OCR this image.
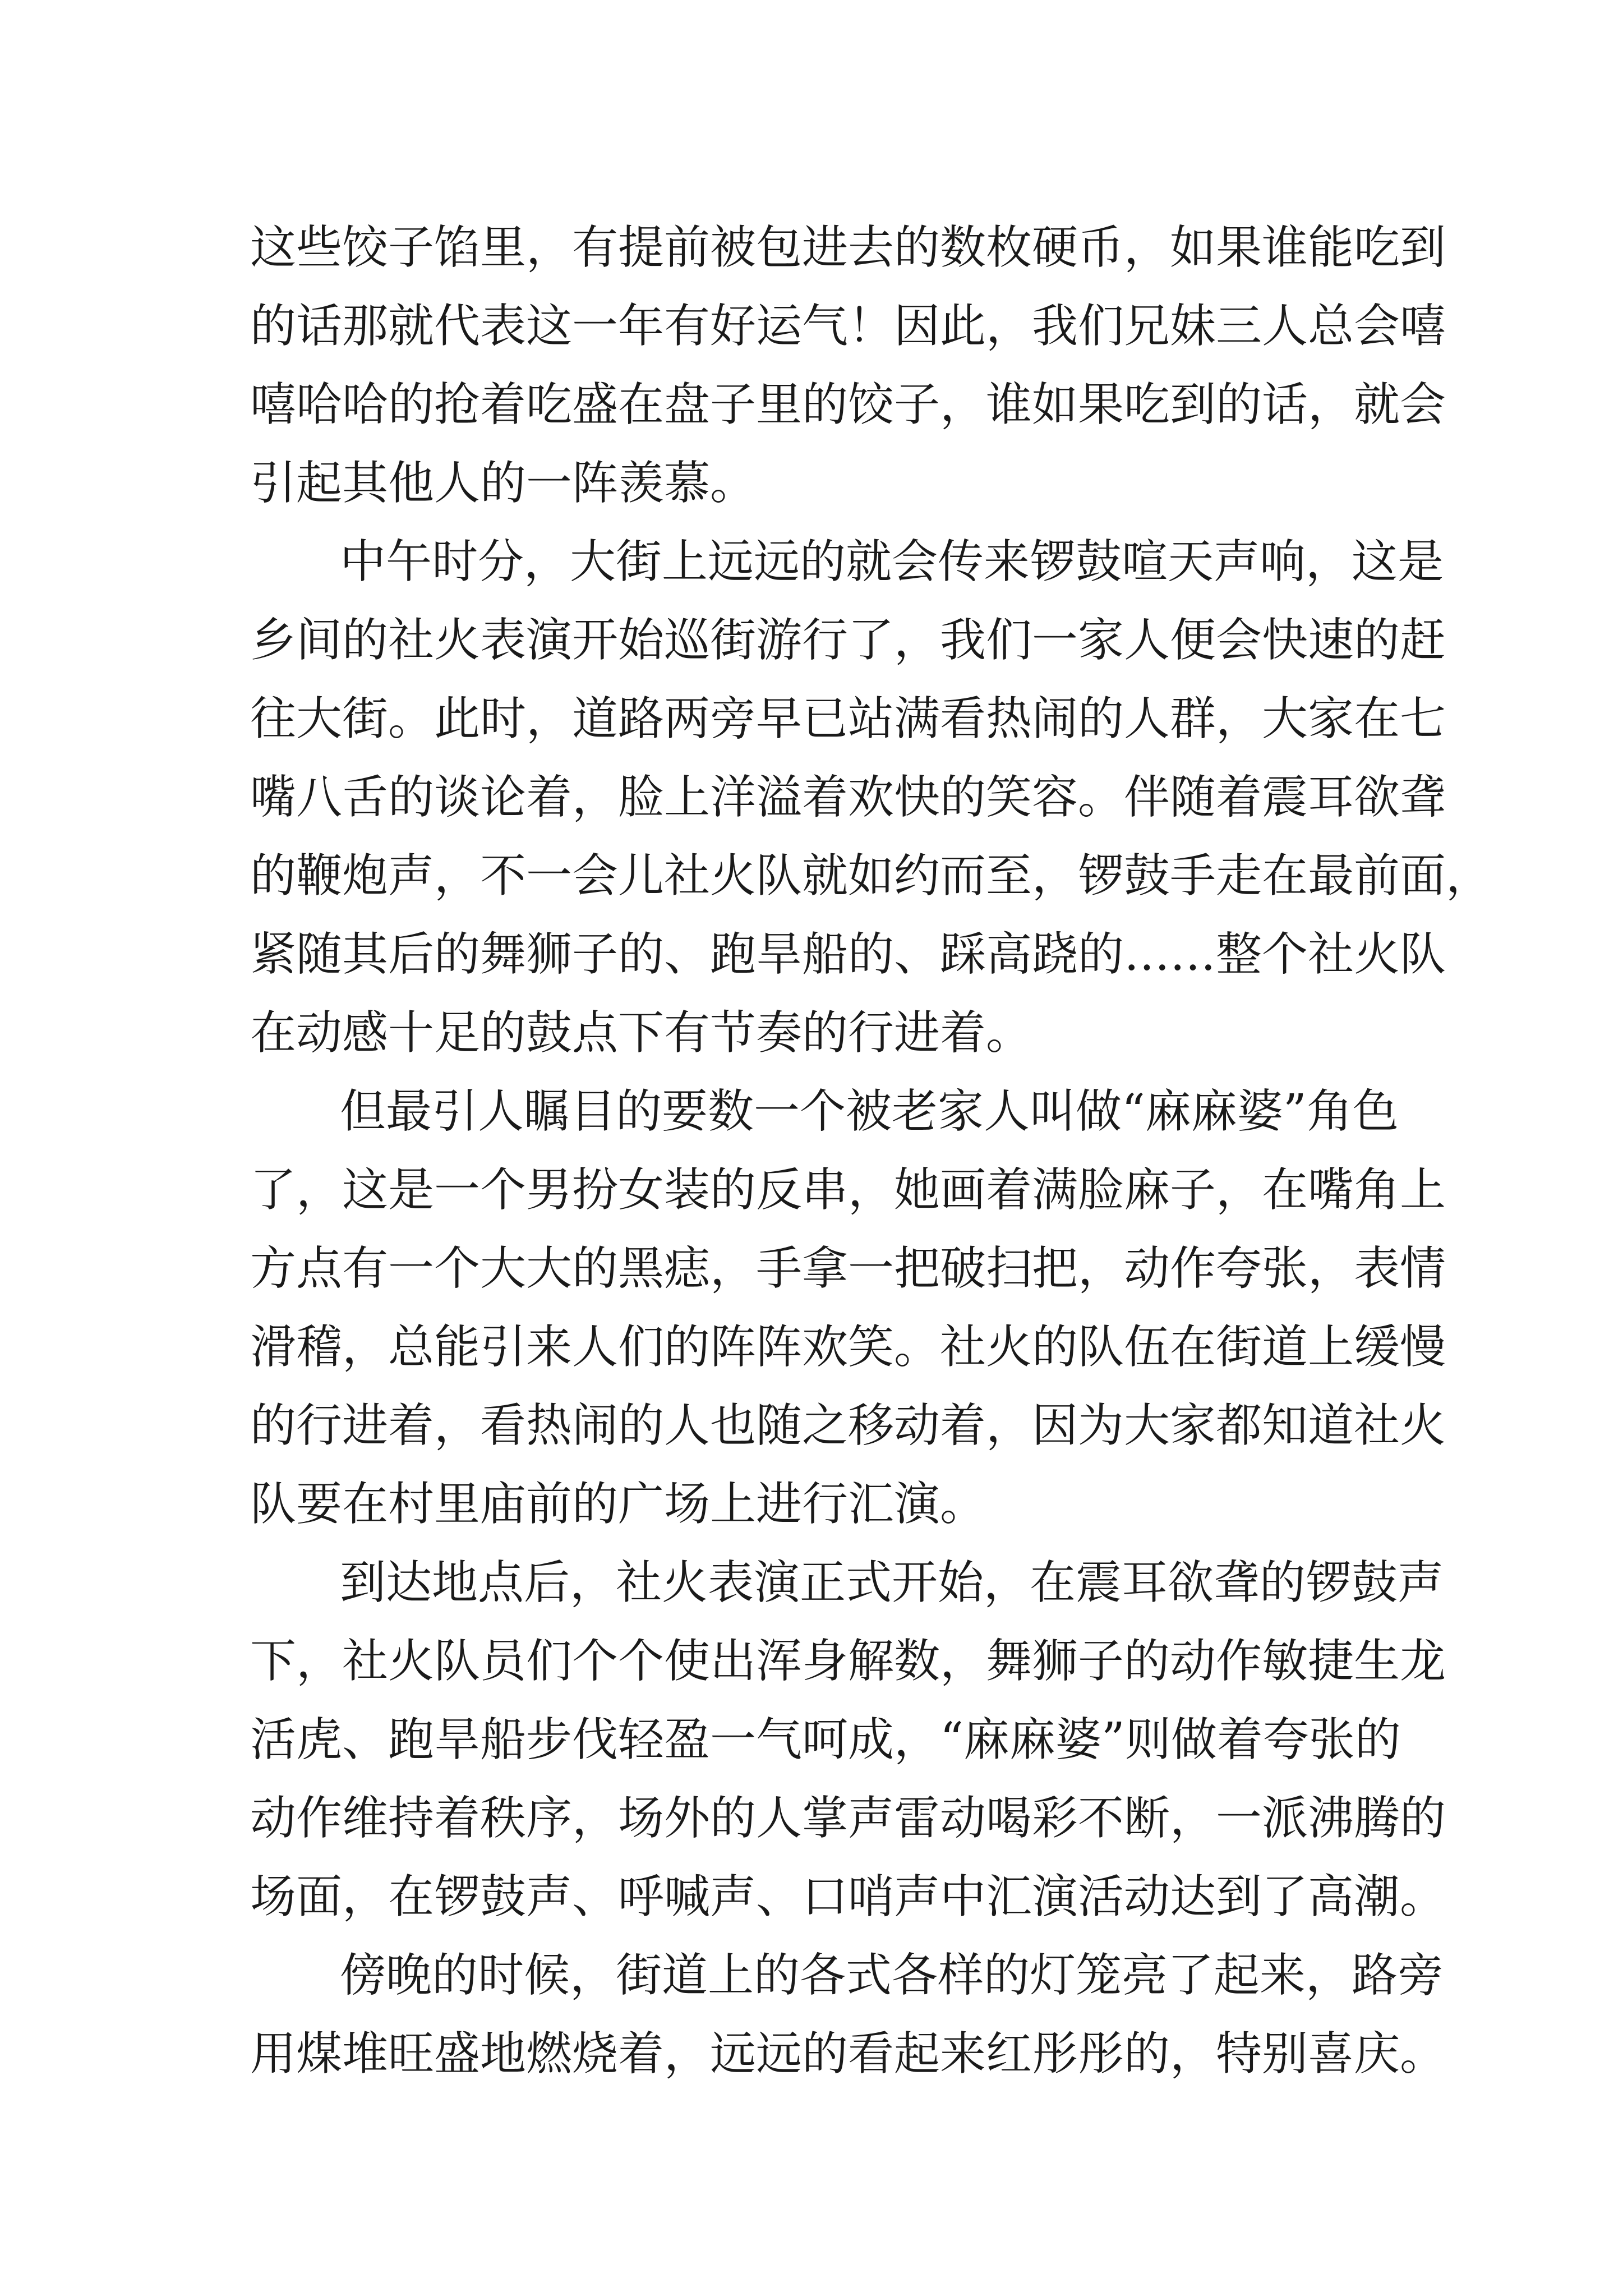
这些饺子馅里，有提前被包进去的数枚硬币，如果谁能吃到
的话那就代表这一年有好运气！因此，我们兄妹三人总会嘻
嘻哈哈的抢着吃盛在盘子里的饺子，谁如果吃到的话，就会
引起其他人的一阵羡慕。
中午时分，大街上远远的就会传来锣鼓喧天声响，这是
乡间的社火表演开始巡街游行了，我们一家人便会快速的赶
往大街。此时，道路两旁早已站满看热闹的人群，大家在七
嘴八舌的谈论着，脸上洋溢着欢快的笑容。伴随着震耳欲聋
的鞭炮声，不一会儿社火队就如约而至，锣鼓手走在最前面，
紧随其后的舞狮子的、跑旱船的、踩高跷的……整个社火队
在动感十足的鼓点下有节奏的行进着。
但最引人瞩目的要数一个被老家人叫做“麻麻婆”角色
了，这是一个男扮女装的反串，她画着满脸麻子，在嘴角上
方点有一个大大的黑痣，手拿一把破扫把，动作夸张，表情
滑稽，总能引来人们的阵阵欢笑。社火的队伍在街道上缓慢
的行进着，看热闹的人也随之移动着，因为大家都知道社火
队要在村里庙前的广场上进行汇演。
到达地点后，社火表演正式开始，在震耳欲聋的锣鼓声
下，社火队员们个个使出浑身解数，舞狮子的动作敏捷生龙
活虎、跑旱船步伐轻盈一气呵成，“麻麻婆”则做着夸张的
动作维持着秩序，场外的人掌声雷动喝彩不断，一派沸腾的
场面，在锣鼓声、呼喊声、口哨声中汇演活动达到了高潮。
傍晚的时候，街道上的各式各样的灯笼亮了起来，路旁
用煤堆旺盛地燃烧着，远远的看起来红彤彤的，特别喜庆。
